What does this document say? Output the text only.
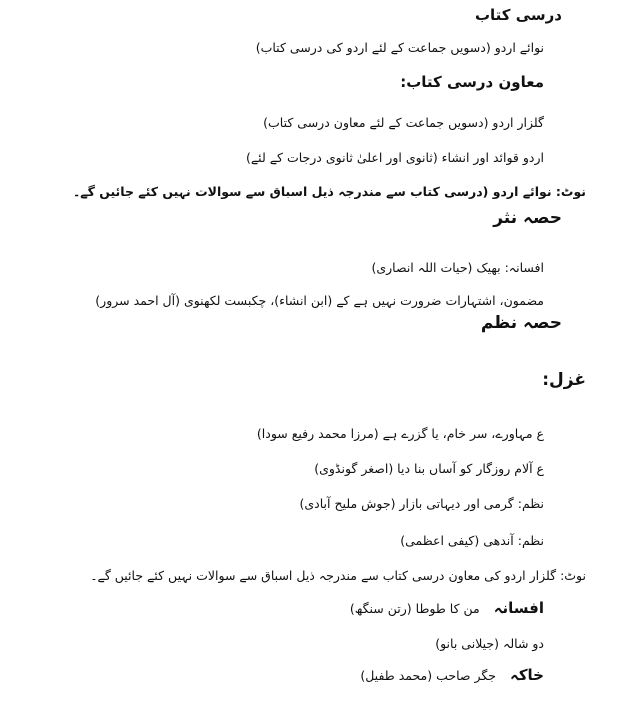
درسی کتاب
نوائے اردو (دسویں جماعت کے لئے اردو کی درسی کتاب)
معاون درسی کتاب:
گلزار اردو (دسویں جماعت کے لئے معاون درسی کتاب)
اردو قوائد اور انشاء (ثانوی اور اعلیٰ ثانوی درجات کے لئے)
نوٹ: نوائے اردو (درسی کتاب سے مندرجہ ذیل اسباق سے سوالات نہیں کئے جائیں گے۔
حصہ نثر
افسانہ: بھیک (حیات اللہ انصاری)
مضمون، اشتہارات ضرورت نہیں ہے کے (ابن انشاء)، چکبست لکھنوی (آل احمد سرور)
حصہ نظم
غزل:
ع مہاورے، سر خام، یا گزرے ہے (مرزا محمد رفیع سودا)
ع آلام روزگار کو آساں بنا دیا (اصغر گونڈوی)
نظم: گرمی اور دیہاتی بازار (جوش ملیح آبادی)
نظم: آندھی (کیفی اعظمی)
نوٹ: گلزار اردو کی معاون درسی کتاب سے مندرجہ ذیل اسباق سے سوالات نہیں کئے جائیں گے۔
افسانہمن کا طوطا (رتن سنگھ)
دو شالہ (جیلانی بانو)
خاکہجگر صاحب (محمد طفیل)
